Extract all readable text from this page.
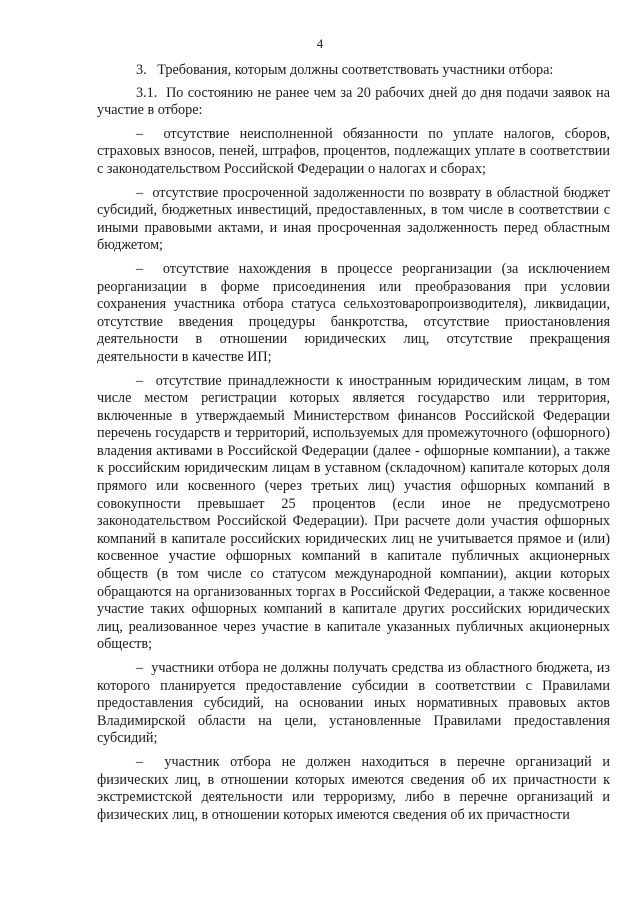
4

3.   Требования, которым должны соответствовать участники отбора:

3.1.  По состоянию не ранее чем за 20 рабочих дней до дня подачи заявок на участие в отборе:

–  отсутствие неисполненной обязанности по уплате налогов, сборов, страховых взносов, пеней, штрафов, процентов, подлежащих уплате в соответствии с законодательством Российской Федерации о налогах и сборах;

–  отсутствие просроченной задолженности по возврату в областной бюджет субсидий, бюджетных инвестиций, предоставленных, в том числе в соответствии с иными правовыми актами, и иная просроченная задолженность перед областным бюджетом;

–  отсутствие нахождения в процессе реорганизации (за исключением реорганизации в форме присоединения или преобразования при условии сохранения участника отбора статуса сельхозтоваропроизводителя), ликвидации, отсутствие введения процедуры банкротства, отсутствие приостановления деятельности в отношении юридических лиц, отсутствие прекращения деятельности в качестве ИП;

–  отсутствие принадлежности к иностранным юридическим лицам, в том числе местом регистрации которых является государство или территория, включенные в утверждаемый Министерством финансов Российской Федерации перечень государств и территорий, используемых для промежуточного (офшорного) владения активами в Российской Федерации (далее - офшорные компании), а также к российским юридическим лицам в уставном (складочном) капитале которых доля прямого или косвенного (через третьих лиц) участия офшорных компаний в совокупности превышает 25 процентов (если иное не предусмотрено законодательством Российской Федерации). При расчете доли участия офшорных компаний в капитале российских юридических лиц не учитывается прямое и (или) косвенное участие офшорных компаний в капитале публичных акционерных обществ (в том числе со статусом международной компании), акции которых обращаются на организованных торгах в Российской Федерации, а также косвенное участие таких офшорных компаний в капитале других российских юридических лиц, реализованное через участие в капитале указанных публичных акционерных обществ;

–  участники отбора не должны получать средства из областного бюджета, из которого планируется предоставление субсидии в соответствии с Правилами предоставления субсидий, на основании иных нормативных правовых актов Владимирской области на цели, установленные Правилами предоставления субсидий;

–  участник отбора не должен находиться в перечне организаций и физических лиц, в отношении которых имеются сведения об их причастности к экстремистской деятельности или терроризму, либо в перечне организаций и физических лиц, в отношении которых имеются сведения об их причастности
